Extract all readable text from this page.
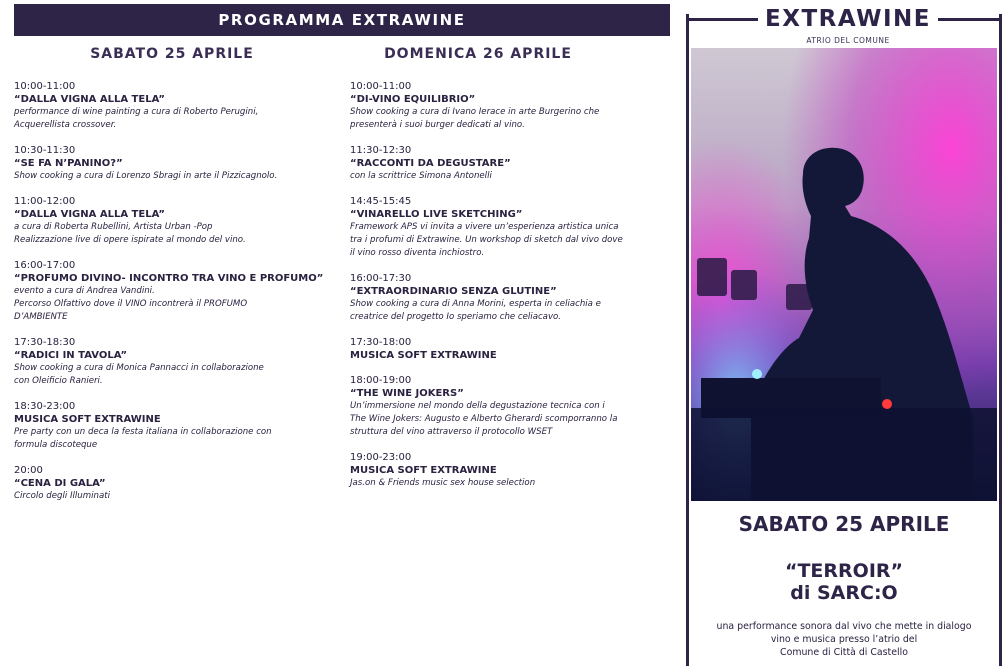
PROGRAMMA EXTRAWINE
SABATO 25 APRILE
10:00-11:00
“DALLA VIGNA ALLA TELA”
performance di wine painting a cura di Roberto Perugini,
Acquerellista crossover.
10:30-11:30
“SE FA N’PANINO?”
Show cooking a cura di Lorenzo Sbragi in arte il Pizzicagnolo.
11:00-12:00
“DALLA VIGNA ALLA TELA”
a cura di Roberta Rubellini, Artista Urban -Pop
Realizzazione live di opere ispirate al mondo del vino.
16:00-17:00
“PROFUMO DIVINO- INCONTRO TRA VINO E PROFUMO”
evento a cura di Andrea Vandini.
Percorso Olfattivo dove il VINO incontrerà il PROFUMO
D’AMBIENTE
17:30-18:30
“RADICI IN TAVOLA”
Show cooking a cura di Monica Pannacci in collaborazione
con Oleificio Ranieri.
18:30-23:00
MUSICA SOFT EXTRAWINE
Pre party con un deca la festa italiana in collaborazione con
formula discoteque
20:00
“CENA DI GALA”
Circolo degli Illuminati
DOMENICA 26 APRILE
10:00-11:00
“DI-VINO EQUILIBRIO”
Show cooking a cura di Ivano Ierace in arte Burgerino che
presenterà i suoi burger dedicati al vino.
11:30-12:30
“RACCONTI DA DEGUSTARE”
con la scrittrice Simona Antonelli
14:45-15:45
“VINARELLO LIVE SKETCHING”
Framework APS vi invita a vivere un’esperienza artistica unica
tra i profumi di Extrawine. Un workshop di sketch dal vivo dove
il vino rosso diventa inchiostro.
16:00-17:30
“EXTRAORDINARIO SENZA GLUTINE”
Show cooking a cura di Anna Morini, esperta in celiachia e
creatrice del progetto Io speriamo che celiacavo.
17:30-18:00
MUSICA SOFT EXTRAWINE
18:00-19:00
“THE WINE JOKERS”
Un’immersione nel mondo della degustazione tecnica con i
The Wine Jokers: Augusto e Alberto Gherardi scomporranno la
struttura del vino attraverso il protocollo WSET
19:00-23:00
MUSICA SOFT EXTRAWINE
Jas.on & Friends music sex house selection
EXTRAWINE
ATRIO DEL COMUNE
SABATO 25 APRILE
“TERROIR”
di SARC:O
una performance sonora dal vivo che mette in dialogo
vino e musica presso l’atrio del
Comune di Città di Castello
